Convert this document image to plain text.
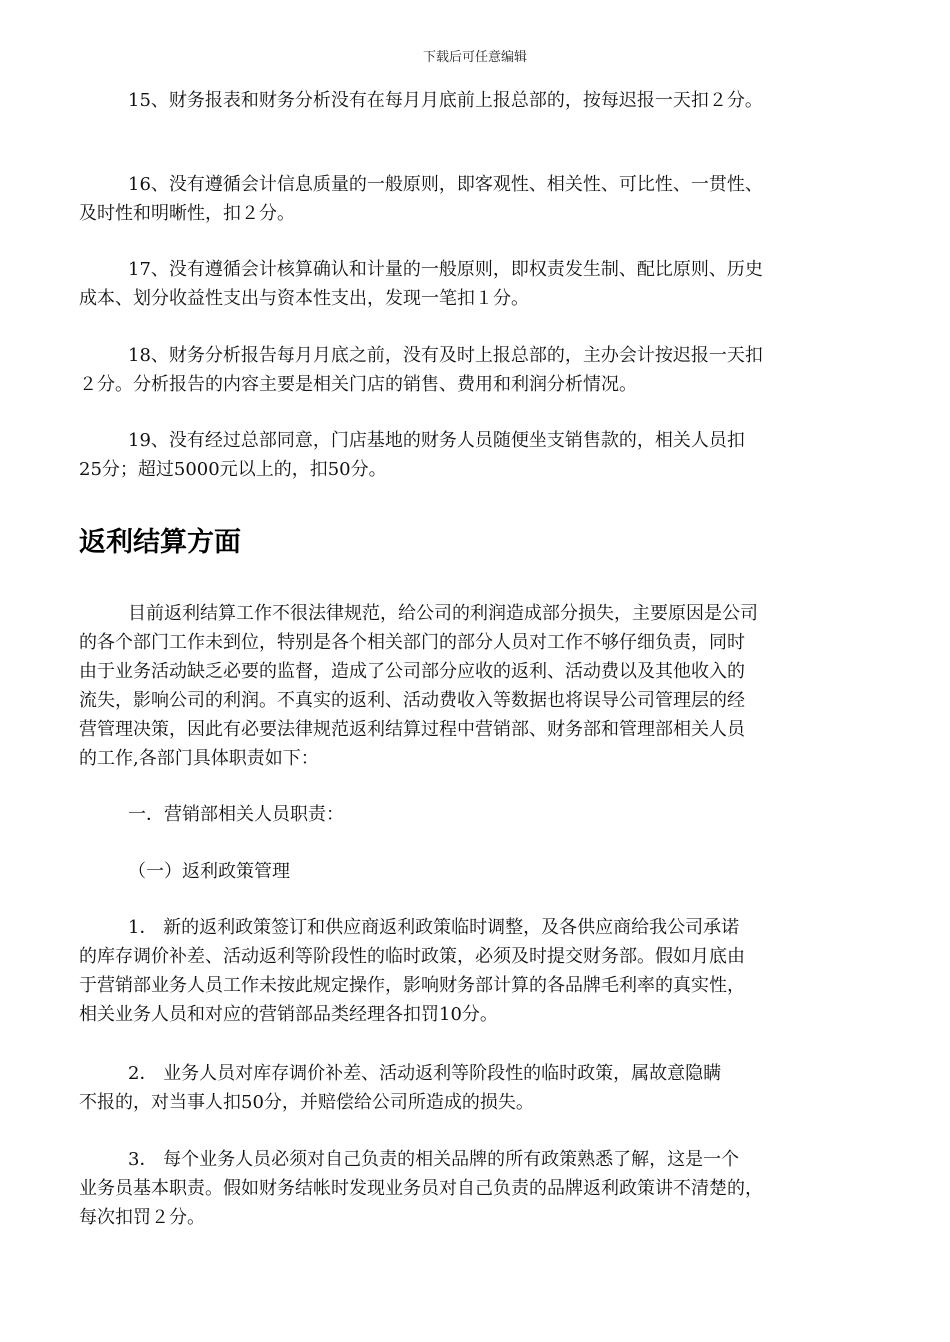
下载后可任意编辑

15、财务报表和财务分析没有在每月月底前上报总部的，按每迟报一天扣２分。

16、没有遵循会计信息质量的一般原则，即客观性、相关性、可比性、一贯性、
及时性和明晰性，扣２分。

17、没有遵循会计核算确认和计量的一般原则，即权责发生制、配比原则、历史
成本、划分收益性支出与资本性支出，发现一笔扣１分。

18、财务分析报告每月月底之前，没有及时上报总部的，主办会计按迟报一天扣
２分。分析报告的内容主要是相关门店的销售、费用和利润分析情况。

19、没有经过总部同意，门店基地的财务人员随便坐支销售款的，相关人员扣
25分；超过5000元以上的，扣50分。

返利结算方面

目前返利结算工作不很法律规范，给公司的利润造成部分损失，主要原因是公司
的各个部门工作未到位，特别是各个相关部门的部分人员对工作不够仔细负责，同时
由于业务活动缺乏必要的监督，造成了公司部分应收的返利、活动费以及其他收入的
流失，影响公司的利润。不真实的返利、活动费收入等数据也将误导公司管理层的经
营管理决策，因此有必要法律规范返利结算过程中营销部、财务部和管理部相关人员
的工作,各部门具体职责如下：

一．营销部相关人员职责：
（一）返利政策管理

1． 新的返利政策签订和供应商返利政策临时调整，及各供应商给我公司承诺
的库存调价补差、活动返利等阶段性的临时政策，必须及时提交财务部。假如月底由
于营销部业务人员工作未按此规定操作，影响财务部计算的各品牌毛利率的真实性，
相关业务人员和对应的营销部品类经理各扣罚10分。

2． 业务人员对库存调价补差、活动返利等阶段性的临时政策，属故意隐瞒
不报的，对当事人扣50分，并赔偿给公司所造成的损失。

3． 每个业务人员必须对自己负责的相关品牌的所有政策熟悉了解，这是一个
业务员基本职责。假如财务结帐时发现业务员对自己负责的品牌返利政策讲不清楚的，
每次扣罚２分。
